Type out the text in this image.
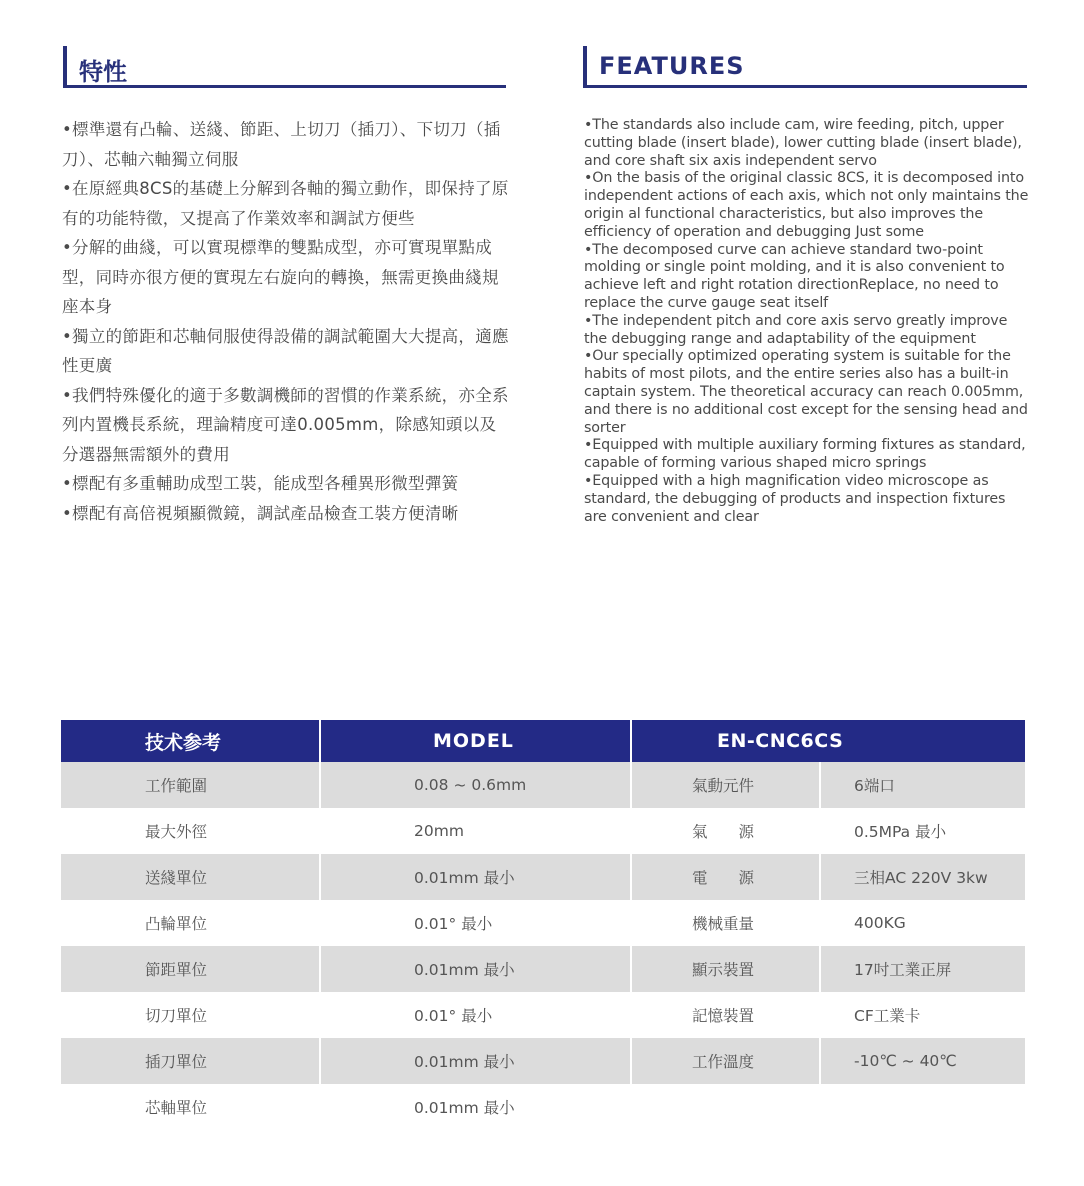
特性	FEATURES

•標準還有凸輪、送綫、節距、上切刀（插刀）、下切刀（插刀）、芯軸六軸獨立伺服

•在原經典8CS的基礎上分解到各軸的獨立動作，即保持了原有的功能特徵，又提高了作業效率和調試方便些

•分解的曲綫，可以實現標準的雙點成型，亦可實現單點成型，同時亦很方便的實現左右旋向的轉換，無需更換曲綫規座本身

•獨立的節距和芯軸伺服使得設備的調試範圍大大提高，適應性更廣

•我們特殊優化的適于多數調機師的習慣的作業系統，亦全系列内置機長系統，理論精度可達0.005mm，除感知頭以及分選器無需額外的費用

•標配有多重輔助成型工裝，能成型各種異形微型彈簧

•標配有高倍視頻顯微鏡，調試產品檢查工裝方便清晰

•The standards also include cam, wire feeding, pitch, upper cutting blade (insert blade), lower cutting blade (insert blade), and core shaft six axis independent servo

•On the basis of the original classic 8CS, it is decomposed into independent actions of each axis, which not only maintains the origin al functional characteristics, but also improves the efficiency of operation and debugging Just some

•The decomposed curve can achieve standard two-point molding or single point molding, and it is also convenient to achieve left and right rotation directionReplace, no need to replace the curve gauge seat itself

•The independent pitch and core axis servo greatly improve the debugging range and adaptability of the equipment

•Our specially optimized operating system is suitable for the habits of most pilots, and the entire series also has a built-in captain system. The theoretical accuracy can reach 0.005mm, and there is no additional cost except for the sensing head and sorter

•Equipped with multiple auxiliary forming fixtures as standard, capable of forming various shaped micro springs

•Equipped with a high magnification video microscope as standard, the debugging of products and inspection fixtures are convenient and clear

技术参考	MODEL	EN-CNC6CS	
工作範圍	0.08 ~ 0.6mm	氣動元件	6端口
最大外徑	20mm	氣　　源	0.5MPa 最小
送綫單位	0.01mm 最小	電　　源	三相AC 220V 3kw
凸輪單位	0.01° 最小	機械重量	400KG
節距單位	0.01mm 最小	顯示裝置	17吋工業正屏
切刀單位	0.01° 最小	記憶裝置	CF工業卡
插刀單位	0.01mm 最小	工作溫度	-10℃ ~ 40℃
芯軸單位	0.01mm 最小		
